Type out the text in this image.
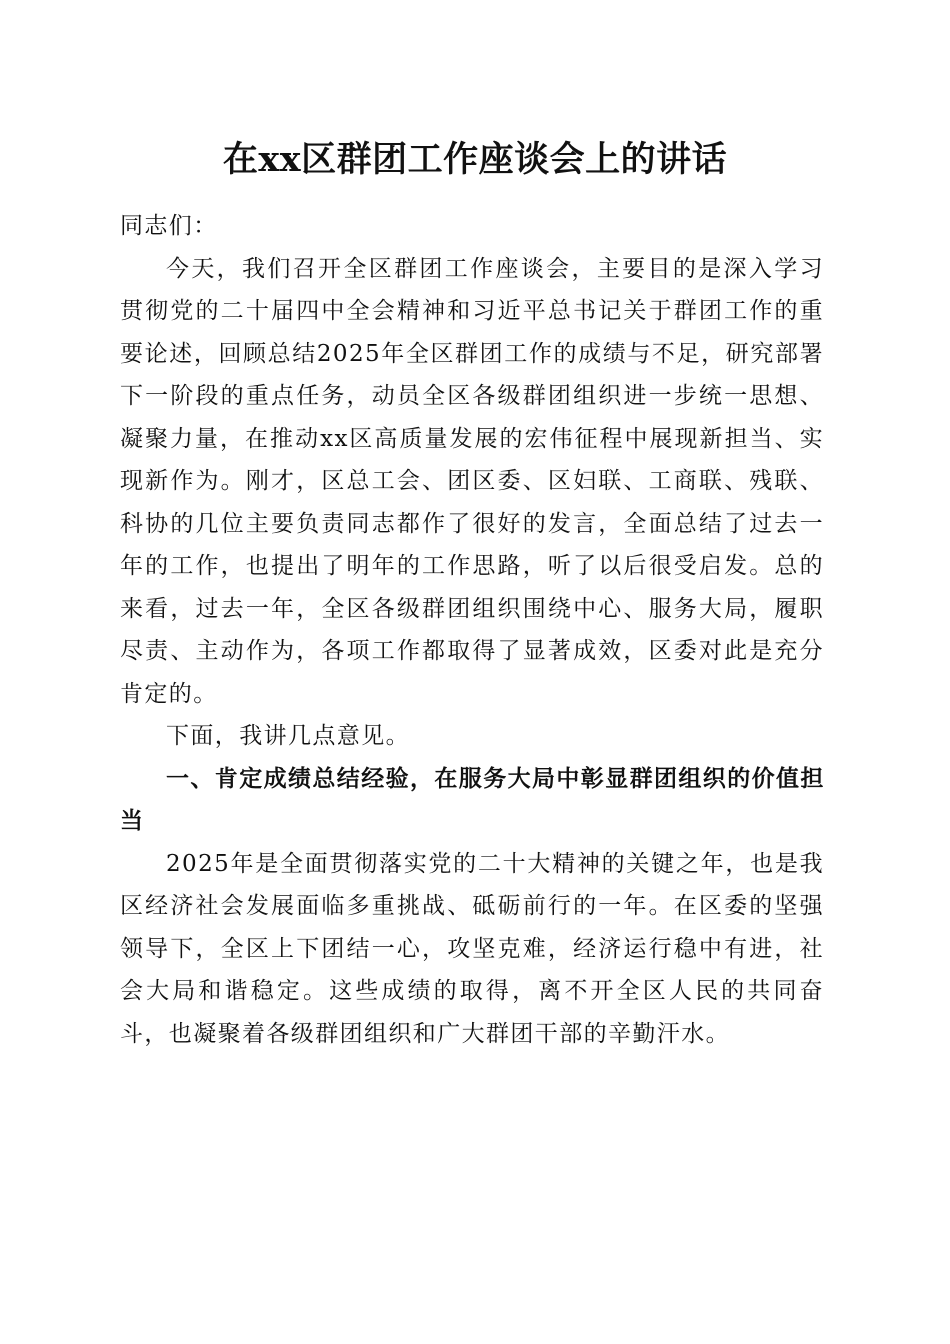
在xx区群团工作座谈会上的讲话

同志们：

今天，我们召开全区群团工作座谈会，主要目的是深入学习贯彻党的二十届四中全会精神和习近平总书记关于群团工作的重要论述，回顾总结2025年全区群团工作的成绩与不足，研究部署下一阶段的重点任务，动员全区各级群团组织进一步统一思想、凝聚力量，在推动xx区高质量发展的宏伟征程中展现新担当、实现新作为。刚才，区总工会、团区委、区妇联、工商联、残联、科协的几位主要负责同志都作了很好的发言，全面总结了过去一年的工作，也提出了明年的工作思路，听了以后很受启发。总的来看，过去一年，全区各级群团组织围绕中心、服务大局，履职尽责、主动作为，各项工作都取得了显著成效，区委对此是充分肯定的。

下面，我讲几点意见。

一、肯定成绩总结经验，在服务大局中彰显群团组织的价值担当

2025年是全面贯彻落实党的二十大精神的关键之年，也是我区经济社会发展面临多重挑战、砥砺前行的一年。在区委的坚强领导下，全区上下团结一心，攻坚克难，经济运行稳中有进，社会大局和谐稳定。这些成绩的取得，离不开全区人民的共同奋斗，也凝聚着各级群团组织和广大群团干部的辛勤汗水。
